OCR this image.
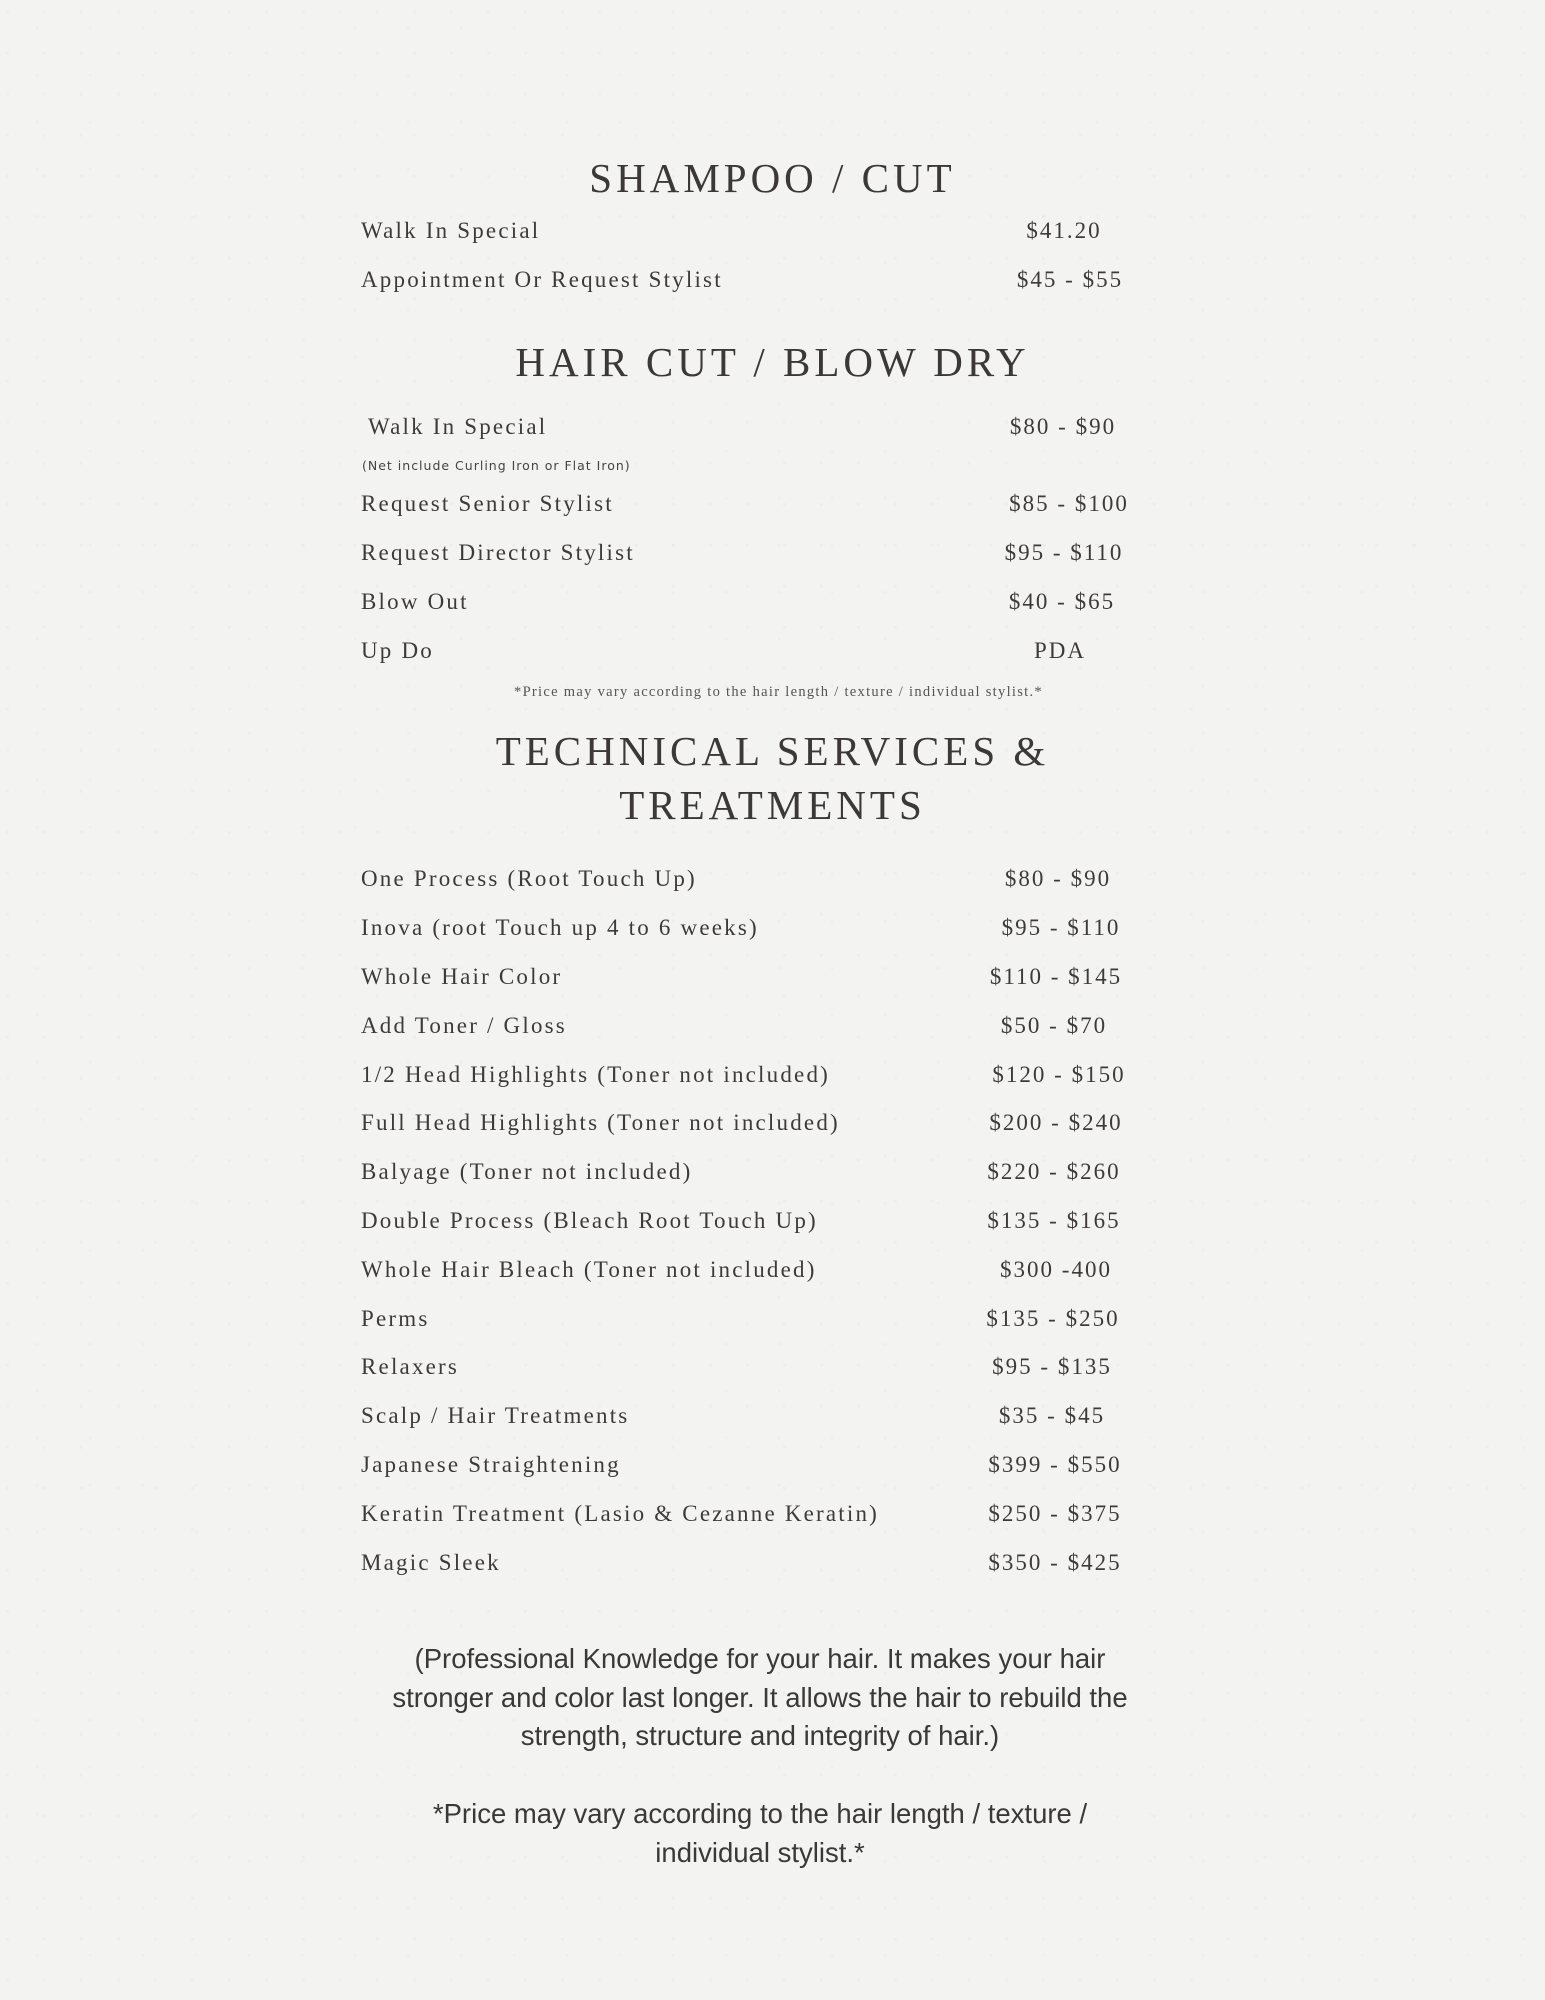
SHAMPOO / CUT
Walk In Special	$41.20
Appointment Or Request Stylist	$45 - $55
HAIR CUT / BLOW DRY
Walk In Special	$80 - $90
(Net include Curling Iron or Flat Iron)
Request Senior Stylist	$85 - $100
Request Director Stylist	$95 - $110
Blow Out	$40 - $65
Up Do	PDA
*Price may vary according to the hair length / texture / individual stylist.*
TECHNICAL SERVICES &
TREATMENTS
One Process (Root Touch Up)	$80 - $90
Inova (root Touch up 4 to 6 weeks)	$95 - $110
Whole Hair Color	$110 - $145
Add Toner / Gloss	$50 - $70
1/2 Head Highlights (Toner not included)	$120 - $150
Full Head Highlights (Toner not included)	$200 - $240
Balyage (Toner not included)	$220 - $260
Double Process (Bleach Root Touch Up)	$135 - $165
Whole Hair Bleach (Toner not included)	$300 -400
Perms	$135 - $250
Relaxers	$95 - $135
Scalp / Hair Treatments	$35 - $45
Japanese Straightening	$399 - $550
Keratin Treatment (Lasio & Cezanne Keratin)	$250 - $375
Magic Sleek	$350 - $425
(Professional Knowledge for your hair. It makes your hair
stronger and color last longer. It allows the hair to rebuild the
strength, structure and integrity of hair.)
*Price may vary according to the hair length / texture /
individual stylist.*
